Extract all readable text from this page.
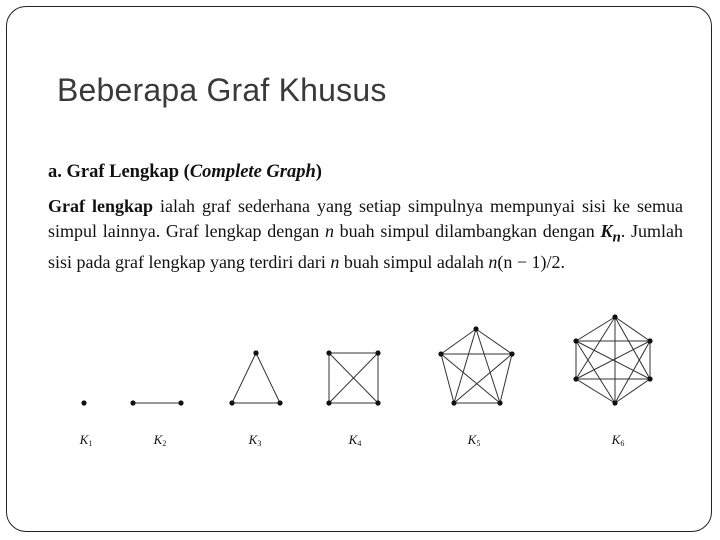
Beberapa Graf Khusus
a. Graf Lengkap (Complete Graph)
Graf lengkap ialah graf sederhana yang setiap simpulnya mempunyai sisi ke semua simpul lainnya. Graf lengkap dengan n buah simpul dilambangkan dengan $K_n$. Jumlah sisi pada graf lengkap yang terdiri dari n buah simpul adalah n(n − 1)/2.
K1	K2	K3	K4	K5	K6
